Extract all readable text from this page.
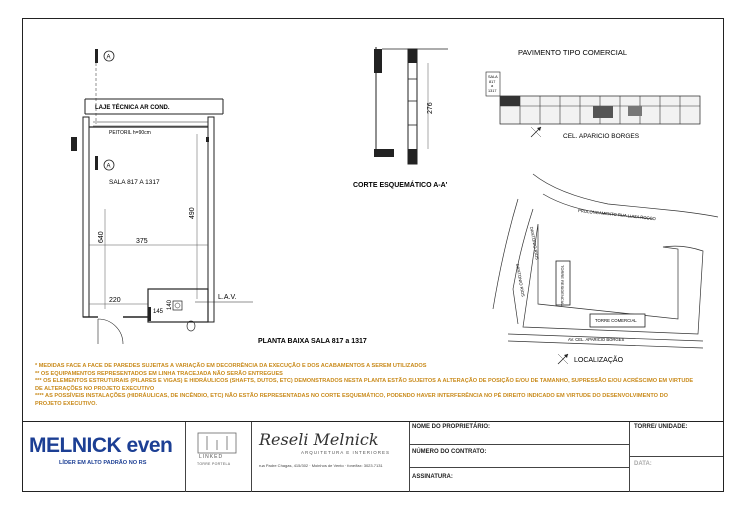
LAJE TÉCNICA AR COND.
A
PEITORIL h=90cm
A
SALA 817 A 1317
640
490
375
220
145
140
L.A.V.
PLANTA BAIXA SALA 817 a 1317
276
CORTE ESQUEMÁTICO A-A'
PAVIMENTO TIPO COMERCIAL
SALA
817
a
1317
CEL. APARICIO BORGES
PROLONGAMENTO RUA LUIZA ROCCO
DANTONIO RÍOS
DANTONIO RÍOS	TORRE RESIDENCIAL
TORRE COMERCIAL
AV. CEL. APARÍCIO BORGES
LOCALIZAÇÃO
* MEDIDAS FACE A FACE DE PAREDES SUJEITAS A VARIAÇÃO EM DECORRÊNCIA DA EXECUÇÃO E DOS ACABAMENTOS A SEREM UTILIZADOS
** OS EQUIPAMENTOS REPRESENTADOS EM LINHA TRACEJADA NÃO SERÃO ENTREGUES
*** OS ELEMENTOS ESTRUTURAIS (PILARES E VIGAS) E HIDRÁULICOS (SHAFTS, DUTOS, ETC) DEMONSTRADOS NESTA PLANTA ESTÃO SUJEITOS A ALTERAÇÃO DE POSIÇÃO E/OU DE TAMANHO, SUPRESSÃO E/OU ACRÉSCIMO EM VIRTUDE
DE ALTERAÇÕES NO PROJETO EXECUTIVO
**** AS POSSÍVEIS INSTALAÇÕES (HIDRÁULICAS, DE INCÊNDIO, ETC) NÃO ESTÃO REPRESENTADAS NO CORTE ESQUEMÁTICO, PODENDO HAVER INTERFERÊNCIA NO PÉ DIREITO INDICADO EM VIRTUDE DO DESENVOLVIMENTO DO
PROJETO EXECUTIVO.
MELNICK even
LÍDER EM ALTO PADRÃO NO RS
LINKED
TORRE PORTELA
Reseli Melnick
ARQUITETURA E INTERIORES
rua Padre Chagas, 415/302 · Moinhos de Vento · fone/fax: 3023.7131
NOME DO PROPRIETÁRIO:
NÚMERO DO CONTRATO:
ASSINATURA:
TORRE/ UNIDADE:
DATA:
